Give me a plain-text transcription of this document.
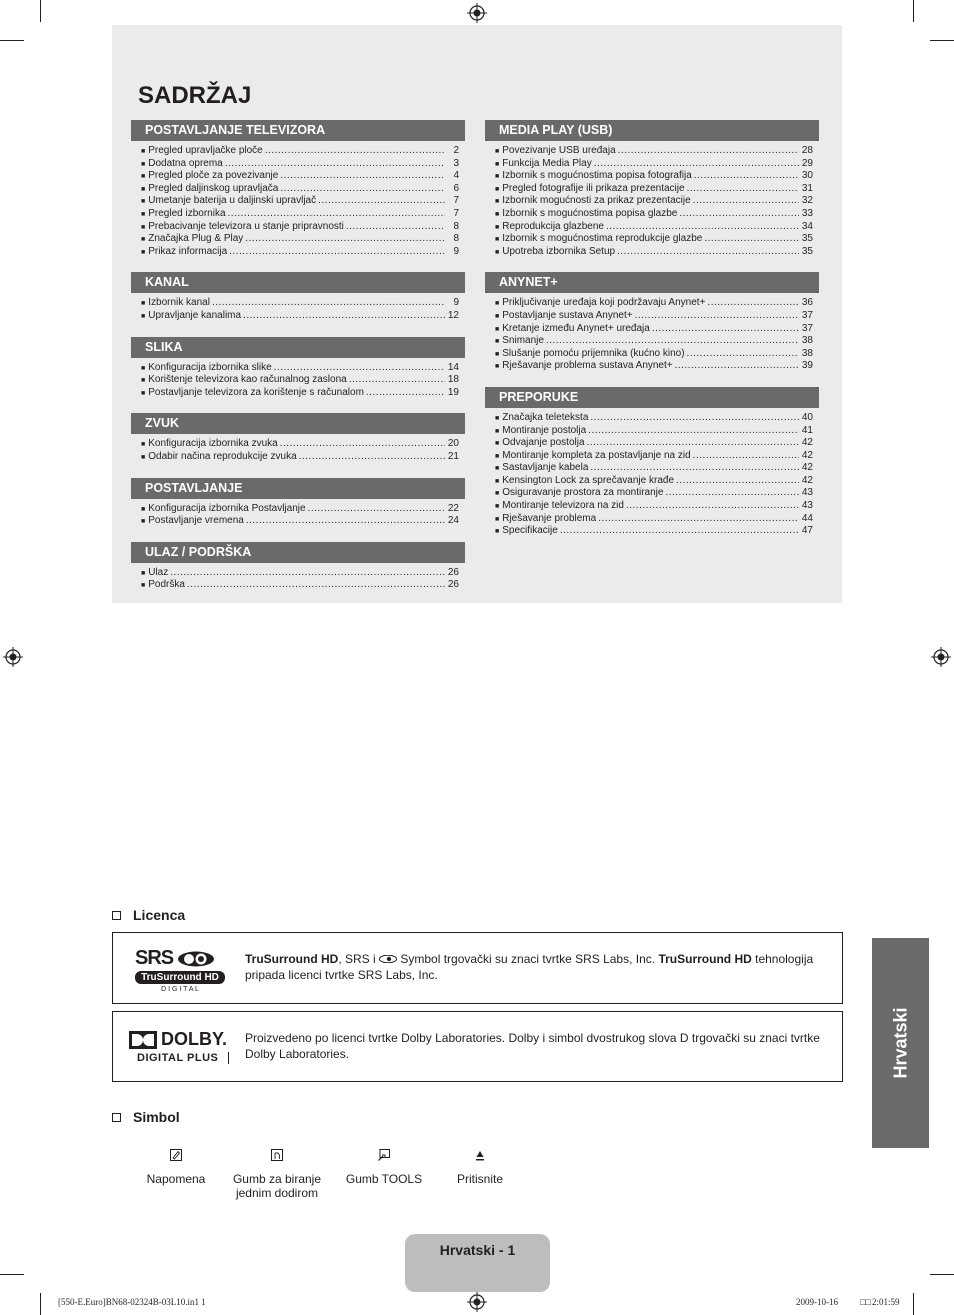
SADRŽAJ
POSTAVLJANJE TELEVIZORA
■ Pregled upravljačke ploče .....	2
■ Dodatna oprema .....	3
■ Pregled ploče za povezivanje .....	4
■ Pregled daljinskog upravljača .....	6
■ Umetanje baterija u daljinski upravljač .....	7
■ Pregled izbornika .....	7
■ Prebacivanje televizora u stanje pripravnosti .....	8
■ Značajka Plug & Play .....	8
■ Prikaz informacija .....	9
KANAL
■ Izbornik kanal .....	9
■ Upravljanje kanalima .....	12
SLIKA
■ Konfiguracija izbornika slike .....	14
■ Korištenje televizora kao računalnog zaslona .....	18
■ Postavljanje televizora za korištenje s računalom .....	19
ZVUK
■ Konfiguracija izbornika zvuka .....	20
■ Odabir načina reprodukcije zvuka .....	21
POSTAVLJANJE
■ Konfiguracija izbornika Postavljanje .....	22
■ Postavljanje vremena .....	24
ULAZ / PODRŠKA
■ Ulaz .....	26
■ Podrška .....	26
MEDIA PLAY (USB)
■ Povezivanje USB uređaja .....	28
■ Funkcija Media Play .....	29
■ Izbornik s mogućnostima popisa fotografija .....	30
■ Pregled fotografije ili prikaza prezentacije .....	31
■ Izbornik mogućnosti za prikaz prezentacije .....	32
■ Izbornik s mogućnostima popisa glazbe .....	33
■ Reprodukcija glazbene .....	34
■ Izbornik s mogućnostima reprodukcije glazbe .....	35
■ Upotreba izbornika Setup .....	35
ANYNET+
■ Priključivanje uređaja koji podržavaju Anynet+ .....	36
■ Postavljanje sustava Anynet+ .....	37
■ Kretanje između Anynet+ uređaja .....	37
■ Snimanje .....	38
■ Slušanje pomoću prijemnika (kućno kino) .....	38
■ Rješavanje problema sustava Anynet+ .....	39
PREPORUKE
■ Značajka teleteksta .....	40
■ Montiranje postolja .....	41
■ Odvajanje postolja .....	42
■ Montiranje kompleta za postavljanje na zid .....	42
■ Sastavljanje kabela .....	42
■ Kensington Lock za sprečavanje krađe .....	42
■ Osiguravanje prostora za montiranje .....	43
■ Montiranje televizora na zid .....	43
■ Rješavanje problema .....	44
■ Specifikacije .....	47
Licenca
SRS
TruSurround HD
D I G I T A L
TruSurround HD, SRS i  Symbol trgovački su znaci tvrtke SRS Labs, Inc. TruSurround HD tehnologija pripada licenci tvrtke SRS Labs, Inc.
DOLBY.
DIGITAL PLUS
Proizvedeno po licenci tvrtke Dolby Laboratories. Dolby i simbol dvostrukog slova D trgovački su znaci tvrtke Dolby Laboratories.
Simbol
Napomena	Gumb za biranje jednim dodirom
Gumb TOOLS	Pritisnite
Hrvatski
Hrvatski - 1
[550-E.Euro]BN68-02324B-03L10.in1 1	2009-10-16 □□ 2:01:59
